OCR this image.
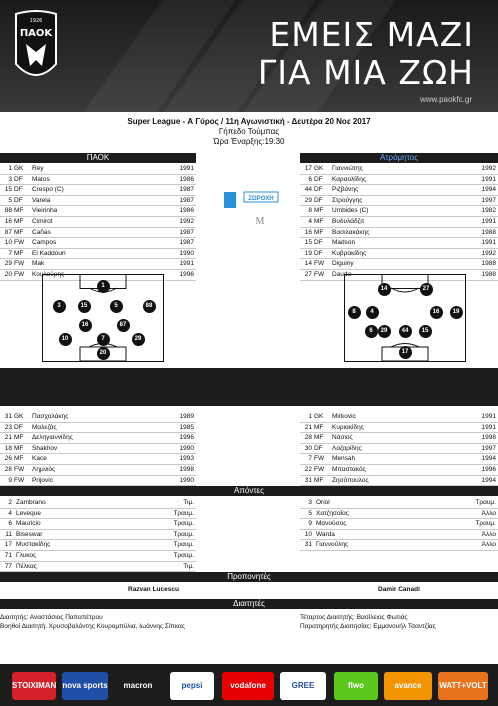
1926
ΠΑΟΚ	ΕΜΕΙΣ ΜΑΖΙ
ΓΙΑ ΜΙΑ ΖΩΗ
www.paokfc.gr
Super League - Α Γύρος / 11η Αγωνιστική - Δευτέρα 20 Νοε 2017
Γήπεδο Τούμπας
Ώρα Έναρξης:19:30
ΠΑΟΚ	Ατρόμητος
1 GK Rey	1991
3 DF Matos	1986
15 DF Crespo (C)	1987
5 DF Varela	1987
88 MF Vieirinha	1986
16 MF Cimirot	1992
87 MF Cañas	1987
10 FW Campos	1987
7 MF El Kaddouri	1990
29 FW Mak	1991
20 FW Κουλούρης	1996
17 GK Γιαννιώτης	1992
6 DF Καραολίδης	1991
44 DF Ριζβάνης	1994
29 DF Στρούγγης	1997
8 MF Umbides (C)	1982
4 MF Βυδυλάδζιτ	1991
16 MF Βασιλακάκης	1988
15 DF Madson	1991
19 DF Κυβρακίδης	1992
14 FW Diguiny	1988
27 FW Dauda	1988
ZΩPOXH
M
1
3	15	5	88
16	87
10	7	29
20
27
14
8	4	16	19
29	44	15
6
17
31 GK Πασχαλάκης	1989
23 DF Μαλεζάς	1985
21 MF Δεληγιαννίδης	1996
18 MF Shakhov	1990
26 MF Kace	1993
28 FW Λημνιός	1998
9 FW Prijovic	1990
1 GK Mirkovic	1991
21 MF Κυριακίδης	1991
28 MF Νάσιος	1998
30 DF Λαζαρίδης	1997
7 FW Mensah	1994
22 FW Μπαστακός	1996
31 MF Ζησόπουλος	1994
Απόντες
2 Zambrano	Τιμ.
4 Leveque	Τραυμ.
6 Mauricio	Τραυμ.
11 Biseswar	Τραυμ.
17 Μυστακίδης	Τραυμ.
71 Γλυκος	Τραυμ.
77 Πέλκας	Τιμ.
3 Oriol	Τραυμ.
5 Χατζησαΐας	Άλλο
9 Μανούσος	Τραυμ.
10 Warda	Άλλο
31 Γιαννούλης	Άλλο
Προπονητές
Razvan Lucescu	Damir Canadi
Διαιτητές
Διαιτητής: Αναστάσιος Παπαπέτρου
Βοηθοί Διαιτητή: Χρυσοβαλάντης Κουρομπύλια, Ιωάννης Σίπκας
Τέταρτος Διαιτητής: Βασίλειος Φωτιάς
Παρατηρητής Διαιτησίας: Εμμανουήλ Τσαντζίας
STOIXIMAN nova sports	macron	pepsi	vodafone	GREE	flwo	avance	WATT+VOLT
